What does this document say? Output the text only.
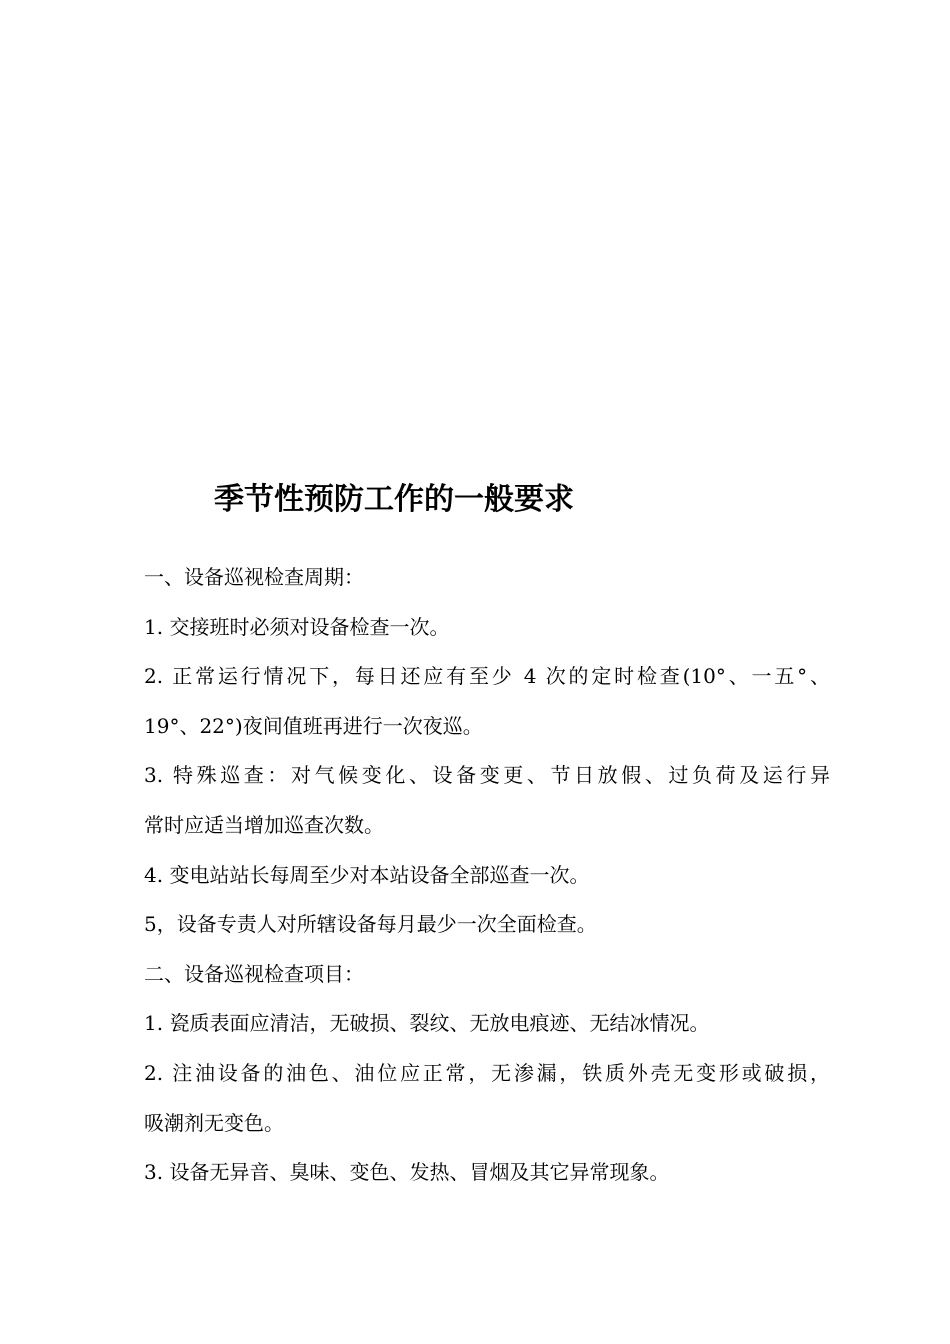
季节性预防工作的一般要求

一、设备巡视检查周期：

1. 交接班时必须对设备检查一次。

2. 正常运行情况下，每日还应有至少 4 次的定时检查(10°、一五°、

19°、22°)夜间值班再进行一次夜巡。

3. 特殊巡查：对气候变化、设备变更、节日放假、过负荷及运行异

常时应适当增加巡查次数。

4. 变电站站长每周至少对本站设备全部巡查一次。

5，设备专责人对所辖设备每月最少一次全面检查。

二、设备巡视检查项目：

1. 瓷质表面应清洁，无破损、裂纹、无放电痕迹、无结冰情况。

2. 注油设备的油色、油位应正常，无渗漏，铁质外壳无变形或破损，

吸潮剂无变色。

3. 设备无异音、臭味、变色、发热、冒烟及其它异常现象。
